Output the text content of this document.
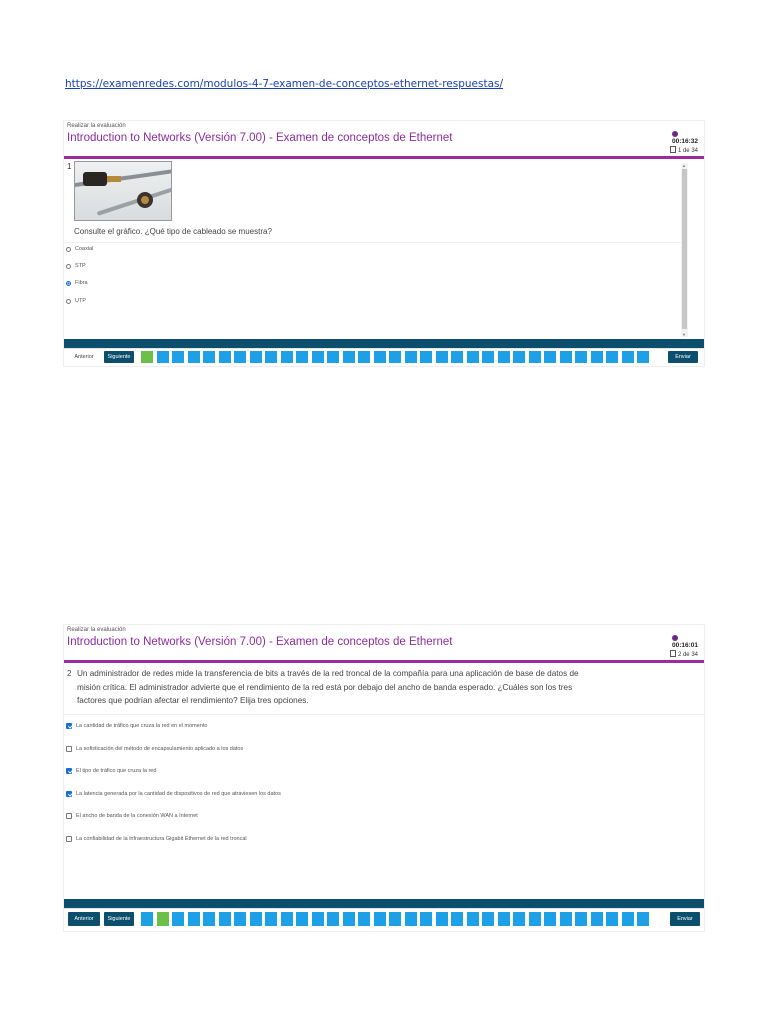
https://examenredes.com/modulos-4-7-examen-de-conceptos-ethernet-respuestas/
Realizar la evaluación
Introduction to Networks (Versión 7.00) - Examen de conceptos de Ethernet	00:16:32
1 de 34
1
Consulte el gráfico. ¿Qué tipo de cableado se muestra?
Coaxial
STP
Fibra
UTP
▲
▼
Anterior	Siguiente	Enviar
Realizar la evaluación
Introduction to Networks (Versión 7.00) - Examen de conceptos de Ethernet	00:16:01
2 de 34
2 Un administrador de redes mide la transferencia de bits a través de la red troncal de la compañía para una aplicación de base de datos de
misión crítica. El administrador advierte que el rendimiento de la red está por debajo del ancho de banda esperado. ¿Cuáles son los tres
factores que podrían afectar el rendimiento? Elija tres opciones.
La cantidad de tráfico que cruza la red en el momento
La sofisticación del método de encapsulamiento aplicado a los datos
El tipo de tráfico que cruza la red
La latencia generada por la cantidad de dispositivos de red que atraviesen los datos
El ancho de banda de la conexión WAN a Internet
La confiabilidad de la infraestructura Gigabit Ethernet de la red troncal
Anterior	Siguiente	Enviar
